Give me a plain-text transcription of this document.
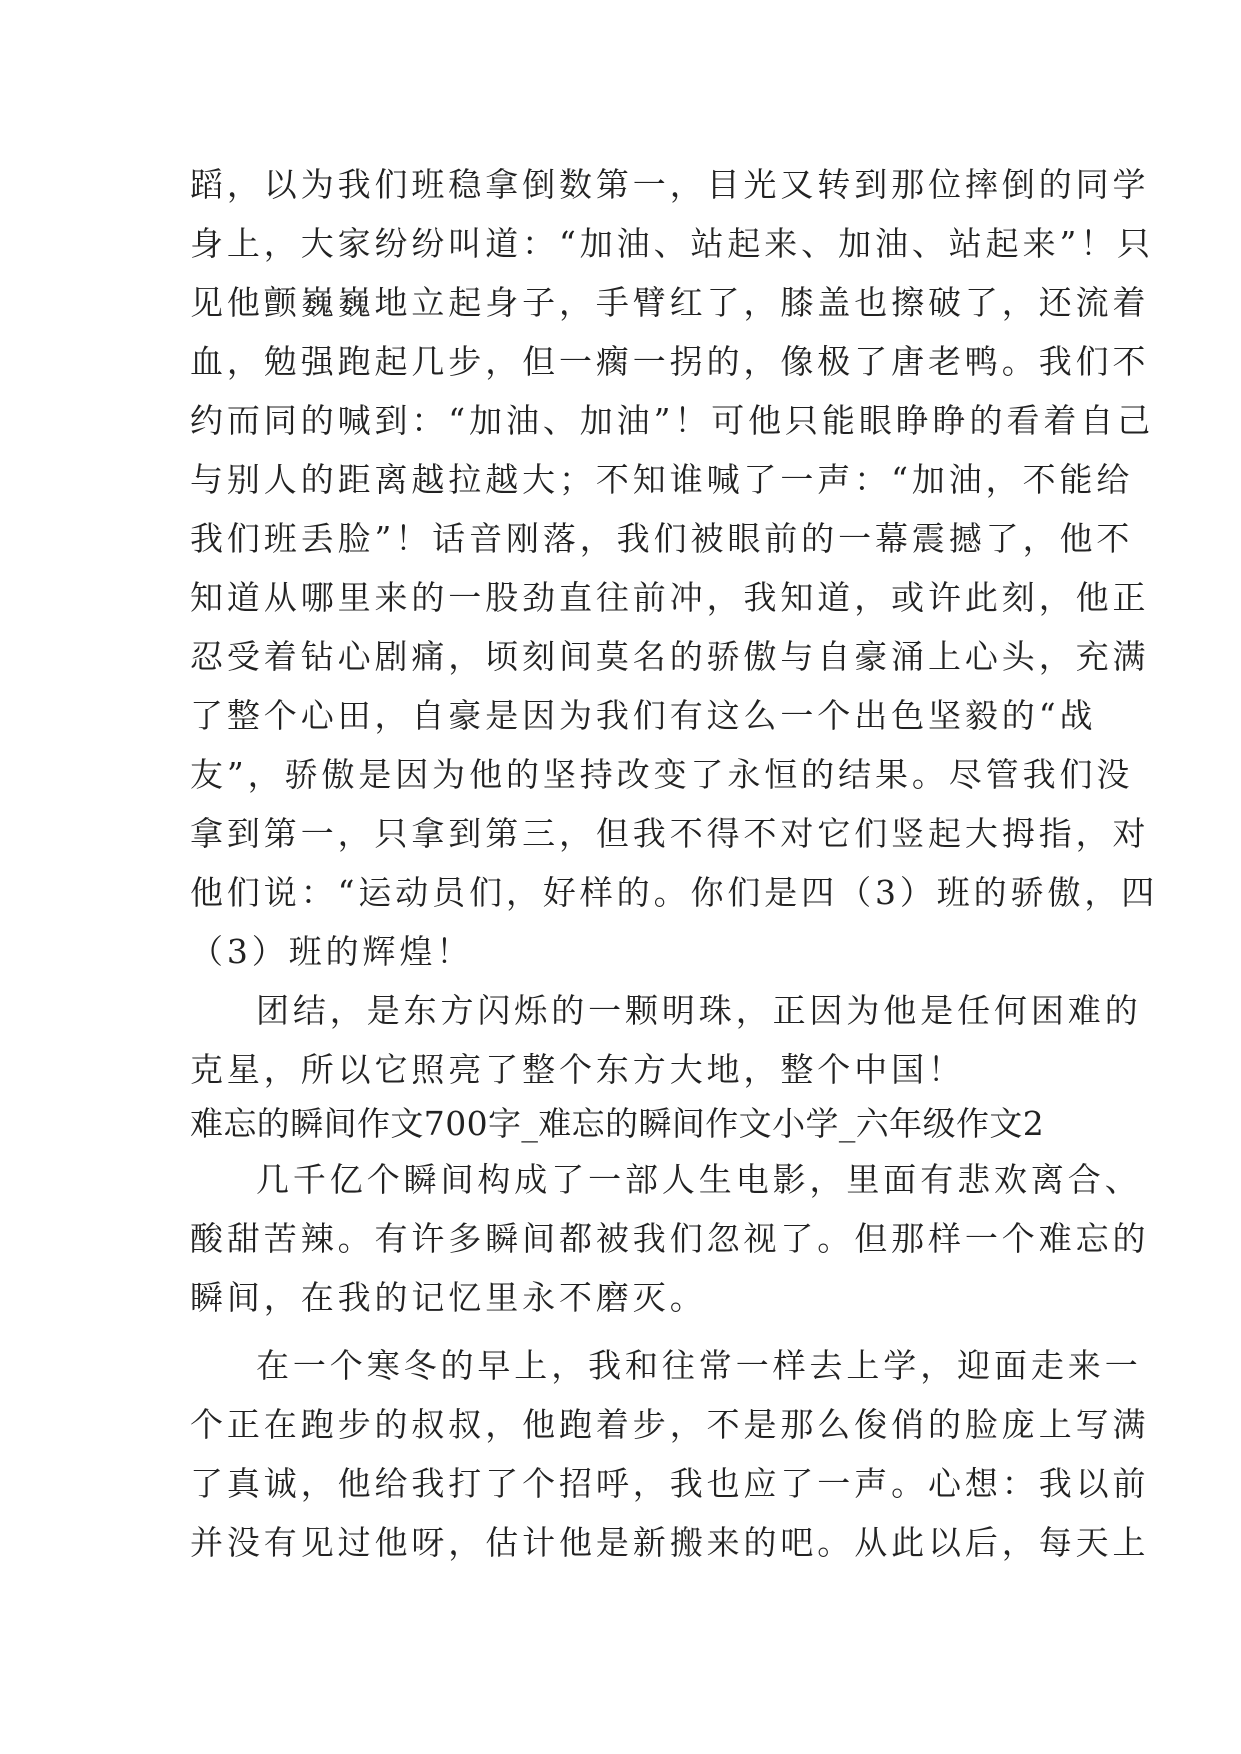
蹈，以为我们班稳拿倒数第一，目光又转到那位摔倒的同学
身上，大家纷纷叫道：“加油、站起来、加油、站起来”！只
见他颤巍巍地立起身子，手臂红了，膝盖也擦破了，还流着
血，勉强跑起几步，但一瘸一拐的，像极了唐老鸭。我们不
约而同的喊到：“加油、加油”！可他只能眼睁睁的看着自己
与别人的距离越拉越大；不知谁喊了一声：“加油，不能给
我们班丢脸”！话音刚落，我们被眼前的一幕震撼了，他不
知道从哪里来的一股劲直往前冲，我知道，或许此刻，他正
忍受着钻心剧痛，顷刻间莫名的骄傲与自豪涌上心头，充满
了整个心田，自豪是因为我们有这么一个出色坚毅的“战
友”，骄傲是因为他的坚持改变了永恒的结果。尽管我们没
拿到第一，只拿到第三，但我不得不对它们竖起大拇指，对
他们说：“运动员们，好样的。你们是四（3）班的骄傲，四
（3）班的辉煌！
团结，是东方闪烁的一颗明珠，正因为他是任何困难的
克星，所以它照亮了整个东方大地，整个中国！
难忘的瞬间作文700字_难忘的瞬间作文小学_六年级作文2
几千亿个瞬间构成了一部人生电影，里面有悲欢离合、
酸甜苦辣。有许多瞬间都被我们忽视了。但那样一个难忘的
瞬间，在我的记忆里永不磨灭。
在一个寒冬的早上，我和往常一样去上学，迎面走来一
个正在跑步的叔叔，他跑着步，不是那么俊俏的脸庞上写满
了真诚，他给我打了个招呼，我也应了一声。心想：我以前
并没有见过他呀，估计他是新搬来的吧。从此以后，每天上
